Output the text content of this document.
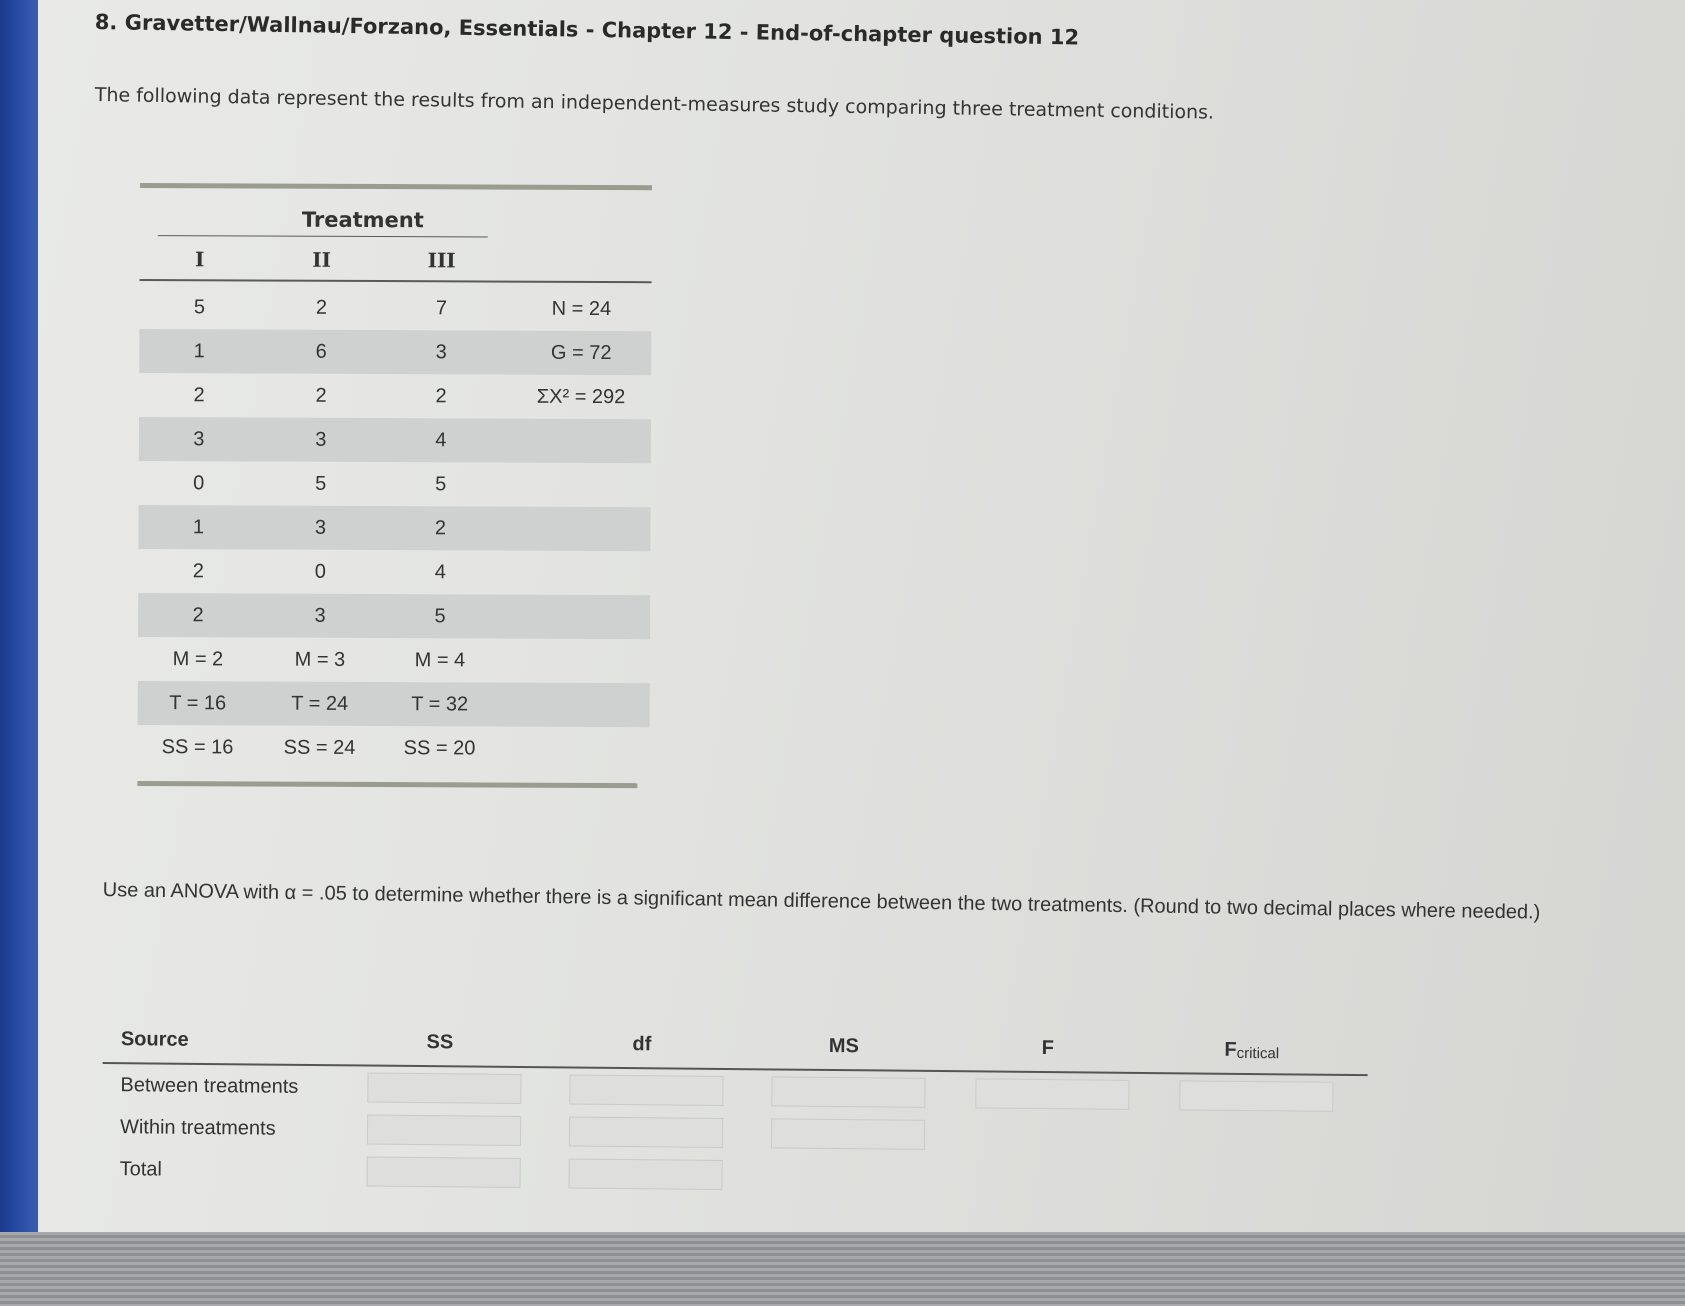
8. Gravetter/Wallnau/Forzano, Essentials - Chapter 12 - End-of-chapter question 12

The following data represent the results from an independent-measures study comparing three treatment conditions.

Treatment
I	II	III
5	2	7	N = 24
1	6	3	G = 72
2	2	2	ΣX² = 292
3	3	4
0	5	5
1	3	2
2	0	4
2	3	5
M = 2	M = 3	M = 4
T = 16	T = 24	T = 32
SS = 16	SS = 24	SS = 20

Use an ANOVA with α = .05 to determine whether there is a significant mean difference between the two treatments. (Round to two decimal places where needed.)

Source	SS	df	MS	F	$F_{critical}$
Between treatments
Within treatments
Total
